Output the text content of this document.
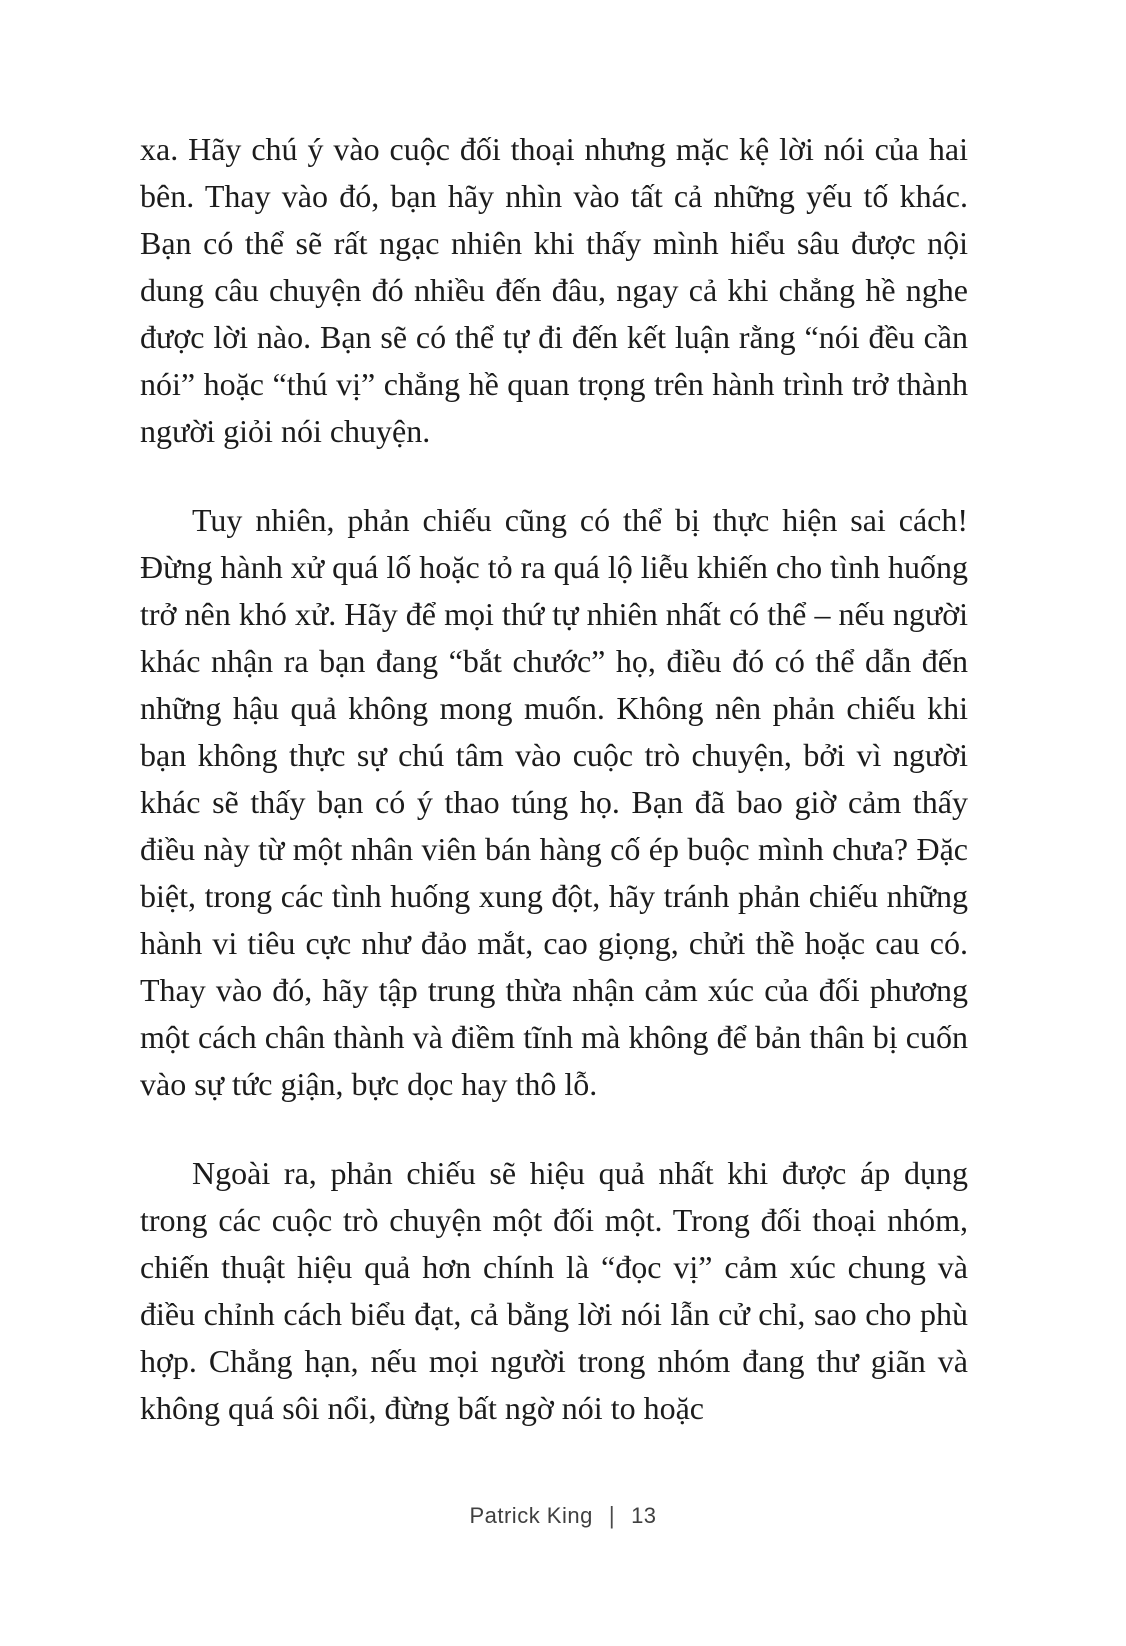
xa. Hãy chú ý vào cuộc đối thoại nhưng mặc kệ lời nói của hai bên. Thay vào đó, bạn hãy nhìn vào tất cả những yếu tố khác. Bạn có thể sẽ rất ngạc nhiên khi thấy mình hiểu sâu được nội dung câu chuyện đó nhiều đến đâu, ngay cả khi chẳng hề nghe được lời nào. Bạn sẽ có thể tự đi đến kết luận rằng “nói đều cần nói” hoặc “thú vị” chẳng hề quan trọng trên hành trình trở thành người giỏi nói chuyện.

Tuy nhiên, phản chiếu cũng có thể bị thực hiện sai cách! Đừng hành xử quá lố hoặc tỏ ra quá lộ liễu khiến cho tình huống trở nên khó xử. Hãy để mọi thứ tự nhiên nhất có thể – nếu người khác nhận ra bạn đang “bắt chước” họ, điều đó có thể dẫn đến những hậu quả không mong muốn. Không nên phản chiếu khi bạn không thực sự chú tâm vào cuộc trò chuyện, bởi vì người khác sẽ thấy bạn có ý thao túng họ. Bạn đã bao giờ cảm thấy điều này từ một nhân viên bán hàng cố ép buộc mình chưa? Đặc biệt, trong các tình huống xung đột, hãy tránh phản chiếu những hành vi tiêu cực như đảo mắt, cao giọng, chửi thề hoặc cau có. Thay vào đó, hãy tập trung thừa nhận cảm xúc của đối phương một cách chân thành và điềm tĩnh mà không để bản thân bị cuốn vào sự tức giận, bực dọc hay thô lỗ.

Ngoài ra, phản chiếu sẽ hiệu quả nhất khi được áp dụng trong các cuộc trò chuyện một đối một. Trong đối thoại nhóm, chiến thuật hiệu quả hơn chính là “đọc vị” cảm xúc chung và điều chỉnh cách biểu đạt, cả bằng lời nói lẫn cử chỉ, sao cho phù hợp. Chẳng hạn, nếu mọi người trong nhóm đang thư giãn và không quá sôi nổi, đừng bất ngờ nói to hoặc

Patrick King | 13
